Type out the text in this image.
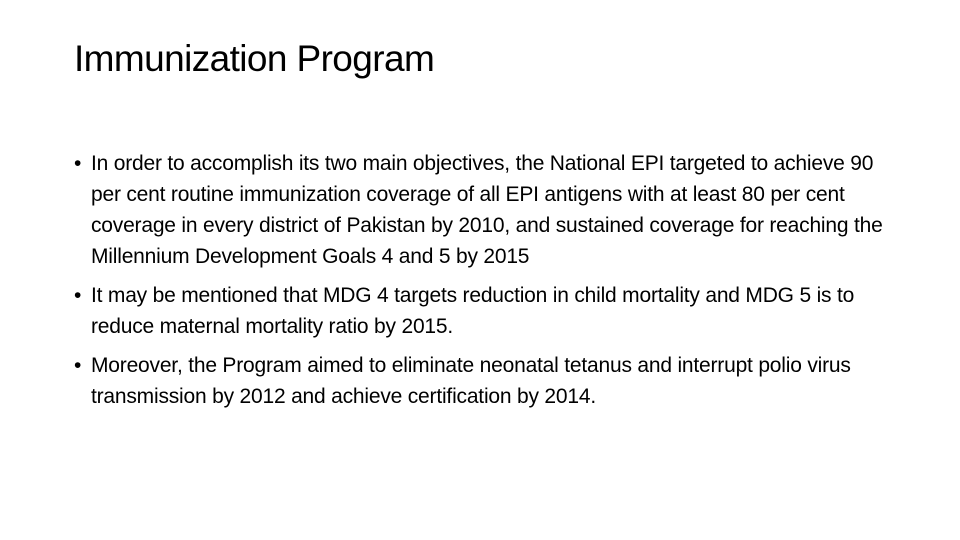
Immunization Program
• In order to accomplish its two main objectives, the National EPI targeted to achieve 90 per cent routine immunization coverage of all EPI antigens with at least 80 per cent coverage in every district of Pakistan by 2010, and sustained coverage for reaching the Millennium Development Goals 4 and 5 by 2015
• It may be mentioned that MDG 4 targets reduction in child mortality and MDG 5 is to reduce maternal mortality ratio by 2015.
• Moreover, the Program aimed to eliminate neonatal tetanus and interrupt polio virus transmission by 2012 and achieve certification by 2014.
